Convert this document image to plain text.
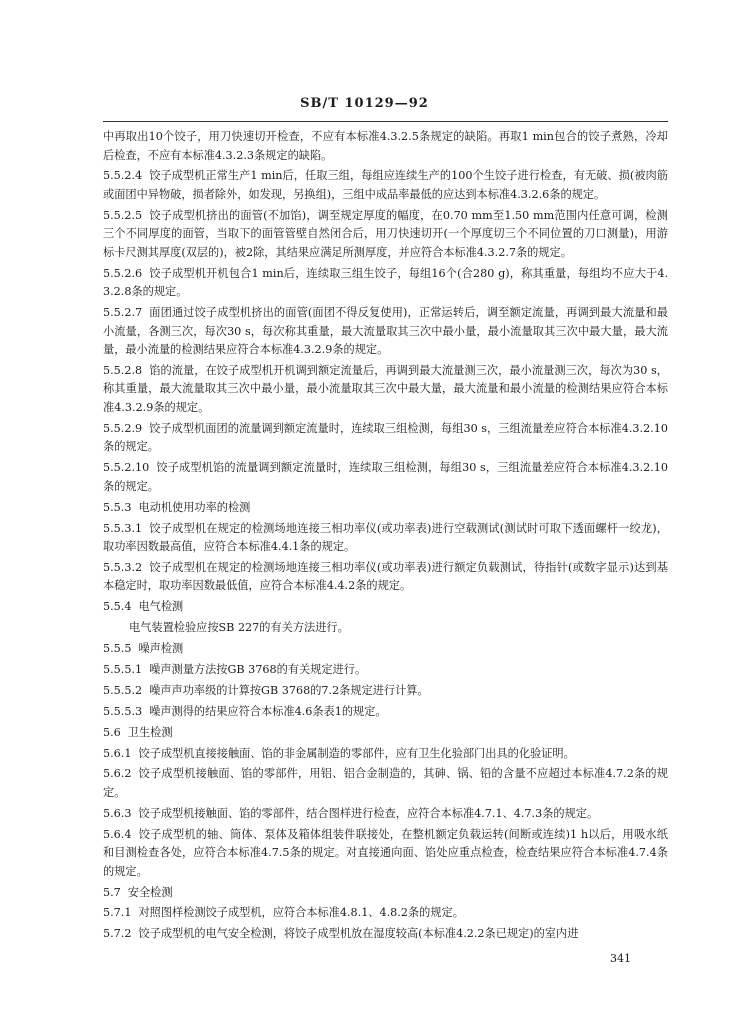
SB/T 10129—92
中再取出10个饺子，用刀快速切开检查，不应有本标准4.3.2.5条规定的缺陷。再取1 min包合的饺子煮熟，冷却后检查，不应有本标准4.3.2.3条规定的缺陷。
5.5.2.4 饺子成型机正常生产1 min后，任取三组，每组应连续生产的100个生饺子进行检查，有无破、损(被肉筋或面团中异物破，损者除外，如发现，另换组)，三组中成品率最低的应达到本标准4.3.2.6条的规定。
5.5.2.5 饺子成型机挤出的面管(不加馅)，调至规定厚度的幅度，在0.70 mm至1.50 mm范围内任意可调，检测三个不同厚度的面管，当取下的面管管壁自然闭合后，用刀快速切开(一个厚度切三个不同位置的刀口测量)，用游标卡尺测其厚度(双层的)，被2除，其结果应满足所测厚度，并应符合本标准4.3.2.7条的规定。
5.5.2.6 饺子成型机开机包合1 min后，连续取三组生饺子，每组16个(合280 g)，称其重量，每组均不应大于4.3.2.8条的规定。
5.5.2.7 面团通过饺子成型机挤出的面管(面团不得反复使用)，正常运转后，调至额定流量，再调到最大流量和最小流量，各测三次，每次30 s，每次称其重量，最大流量取其三次中最小量，最小流量取其三次中最大量，最大流量，最小流量的检测结果应符合本标准4.3.2.9条的规定。
5.5.2.8 馅的流量，在饺子成型机开机调到额定流量后，再调到最大流量测三次，最小流量测三次，每次为30 s，称其重量，最大流量取其三次中最小量，最小流量取其三次中最大量，最大流量和最小流量的检测结果应符合本标准4.3.2.9条的规定。
5.5.2.9 饺子成型机面团的流量调到额定流量时，连续取三组检测，每组30 s，三组流量差应符合本标准4.3.2.10条的规定。
5.5.2.10 饺子成型机馅的流量调到额定流量时，连续取三组检测，每组30 s，三组流量差应符合本标准4.3.2.10条的规定。
5.5.3 电动机使用功率的检测
5.5.3.1 饺子成型机在规定的检测场地连接三相功率仪(或功率表)进行空载测试(测试时可取下透面螺杆一绞龙)，取功率因数最高值，应符合本标准4.4.1条的规定。
5.5.3.2 饺子成型机在规定的检测场地连接三相功率仪(或功率表)进行额定负载测试，待指针(或数字显示)达到基本稳定时，取功率因数最低值，应符合本标准4.4.2条的规定。
5.5.4 电气检测
电气装置检验应按SB 227的有关方法进行。
5.5.5 噪声检测
5.5.5.1 噪声测量方法按GB 3768的有关规定进行。
5.5.5.2 噪声声功率级的计算按GB 3768的7.2条规定进行计算。
5.5.5.3 噪声测得的结果应符合本标准4.6条表1的规定。
5.6 卫生检测
5.6.1 饺子成型机直接接触面、馅的非金属制造的零部件，应有卫生化验部门出具的化验证明。
5.6.2 饺子成型机接触面、馅的零部件，用铝、铝合金制造的，其砷、锅、铅的含量不应超过本标准4.7.2条的规定。
5.6.3 饺子成型机接触面、馅的零部件，结合图样进行检查，应符合本标准4.7.1、4.7.3条的规定。
5.6.4 饺子成型机的轴、筒体、泵体及箱体组装件联接处，在整机额定负载运转(间断或连续)1 h以后，用吸水纸和目测检查各处，应符合本标准4.7.5条的规定。对直接通向面、馅处应重点检查，检查结果应符合本标准4.7.4条的规定。
5.7 安全检测
5.7.1 对照图样检测饺子成型机，应符合本标准4.8.1、4.8.2条的规定。
5.7.2 饺子成型机的电气安全检测，将饺子成型机放在湿度较高(本标准4.2.2条已规定)的室内进
341
